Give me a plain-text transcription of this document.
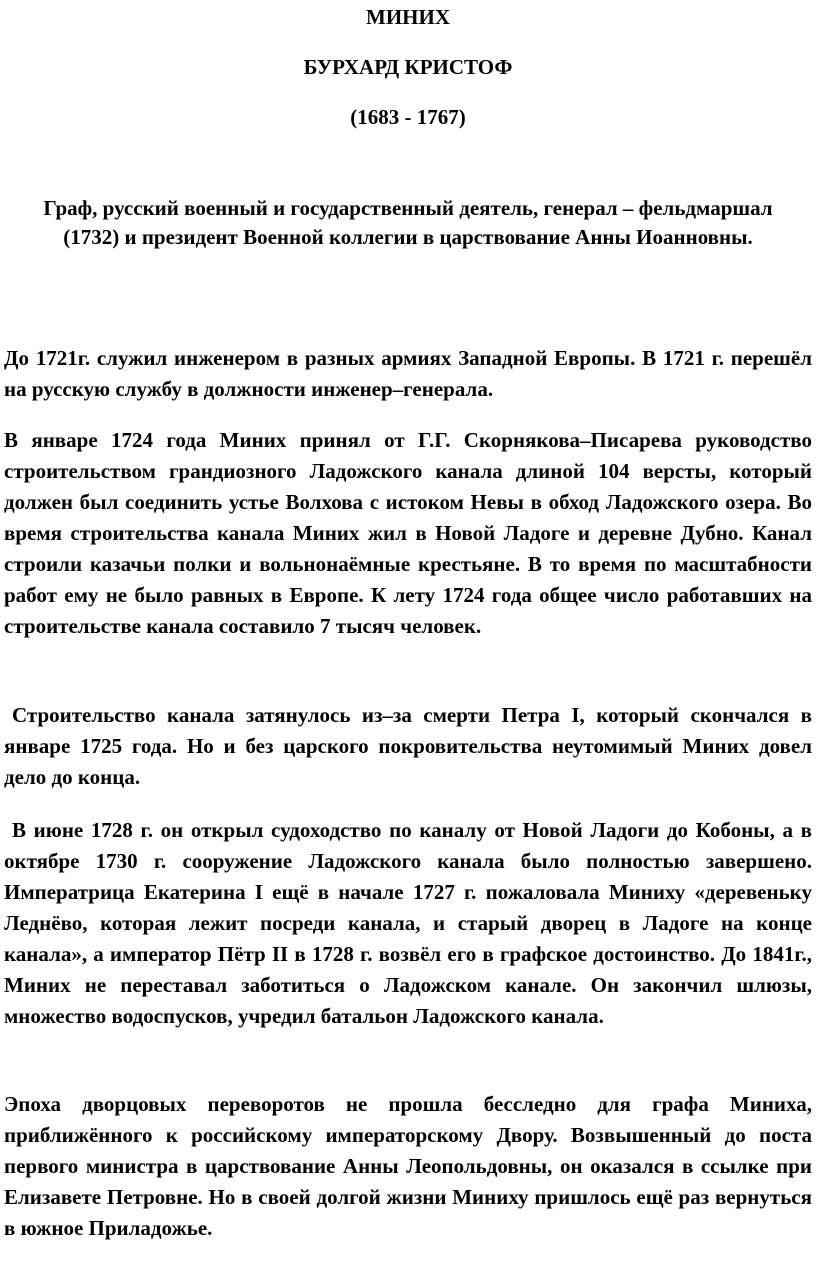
МИНИХ
БУРХАРД КРИСТОФ
(1683 - 1767)

Граф, русский военный и государственный деятель, генерал – фельдмаршал (1732) и президент Военной коллегии в царствование Анны Иоанновны.

До 1721г. служил инженером в разных армиях Западной Европы. В 1721 г. перешёл на русскую службу в должности инженер–генерала.

В январе 1724 года Миних принял от Г.Г. Скорнякова–Писарева руководство строительством грандиозного Ладожского канала длиной 104 версты, который должен был соединить устье Волхова с истоком Невы в обход Ладожского озера. Во время строительства канала Миних жил в Новой Ладоге и деревне Дубно. Канал строили казачьи полки и вольнонаёмные крестьяне. В то время по масштабности работ ему не было равных в Европе. К лету 1724 года общее число работавших на строительстве канала составило 7 тысяч человек.

Строительство канала затянулось из–за смерти Петра I, который скончался в январе 1725 года. Но и без царского покровительства неутомимый Миних довел дело до конца.

В июне 1728 г. он открыл судоходство по каналу от Новой Ладоги до Кобоны, а в октябре 1730 г. сооружение Ладожского канала было полностью завершено. Императрица Екатерина I ещё в начале 1727 г. пожаловала Миниху «деревеньку Леднёво, которая лежит посреди канала, и старый дворец в Ладоге на конце канала», а император Пётр II в 1728 г. возвёл его в графское достоинство. До 1841г., Миних не переставал заботиться о Ладожском канале. Он закончил шлюзы, множество водоспусков, учредил батальон Ладожского канала.

Эпоха дворцовых переворотов не прошла бесследно для графа Миниха, приближённого к российскому императорскому Двору. Возвышенный до поста первого министра в царствование Анны Леопольдовны, он оказался в ссылке при Елизавете Петровне. Но в своей долгой жизни Миниху пришлось ещё раз вернуться в южное Приладожье.
